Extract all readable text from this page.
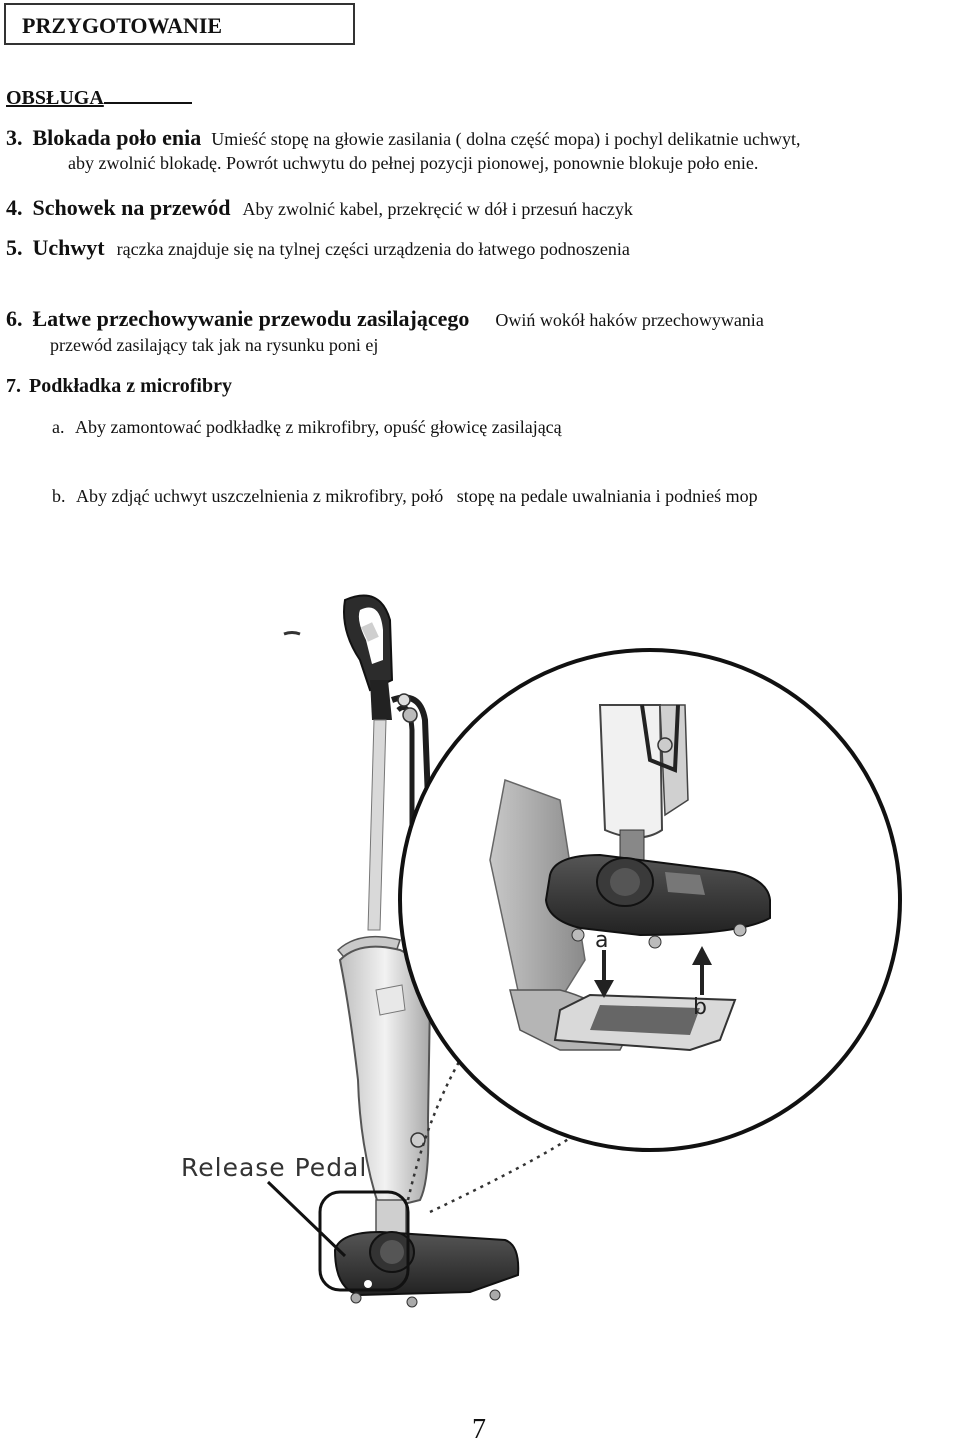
PRZYGOTOWANIE
OBSŁUGA
3. Blokada poło enia Umieść stopę na głowie zasilania ( dolna część mopa) i pochyl delikatnie uchwyt,
aby zwolnić blokadę. Powrót uchwytu do pełnej pozycji pionowej, ponownie blokuje poło enie.
4. Schowek na przewód Aby zwolnić kabel, przekręcić w dół i przesuń haczyk
5. Uchwyt rączka znajduje się na tylnej części urządzenia do łatwego podnoszenia
6. Łatwe przechowywanie przewodu zasilającego Owiń wokół haków przechowywania
przewód zasilający tak jak na rysunku poni ej
7. Podkładka z microfibry
a. Aby zamontować podkładkę z mikrofibry, opuść głowicę zasilającą
b. Aby zdjąć uchwyt uszczelnienia z mikrofibry, połó   stopę na pedale uwalniania i podnieś mop
Release Pedal
a
b
7
